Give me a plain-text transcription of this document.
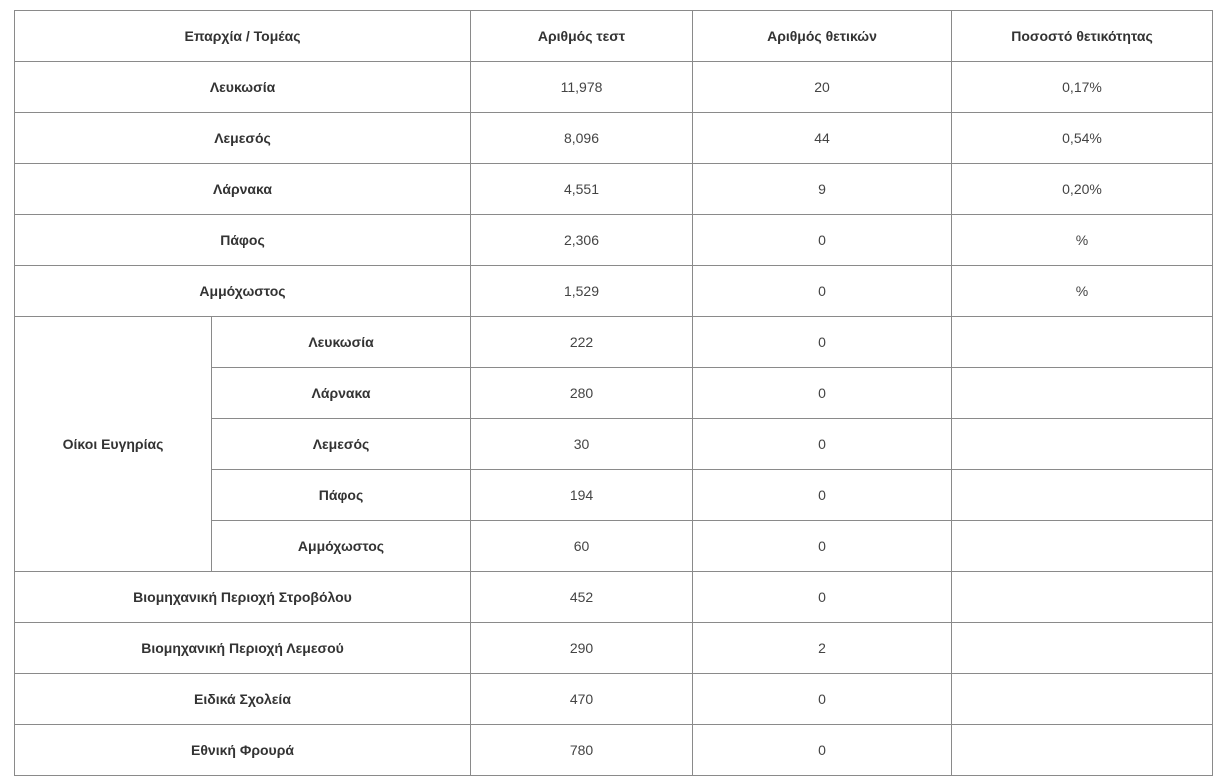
Επαρχία / Τομέας		Αριθμός τεστ	Αριθμός θετικών	Ποσοστό θετικότητας
Λευκωσία		11,978	20	0,17%
Λεμεσός		8,096	44	0,54%
Λάρνακα		4,551	9	0,20%
Πάφος		2,306	0	%
Αμμόχωστος		1,529	0	%
Οίκοι Ευγηρίας	Λευκωσία	222	0	
	Λάρνακα	280	0	
	Λεμεσός	30	0	
	Πάφος	194	0	
	Αμμόχωστος	60	0	
Βιομηχανική Περιοχή Στροβόλου		452	0	
Βιομηχανική Περιοχή Λεμεσού		290	2	
Ειδικά Σχολεία		470	0	
Εθνική Φρουρά		780	0	
